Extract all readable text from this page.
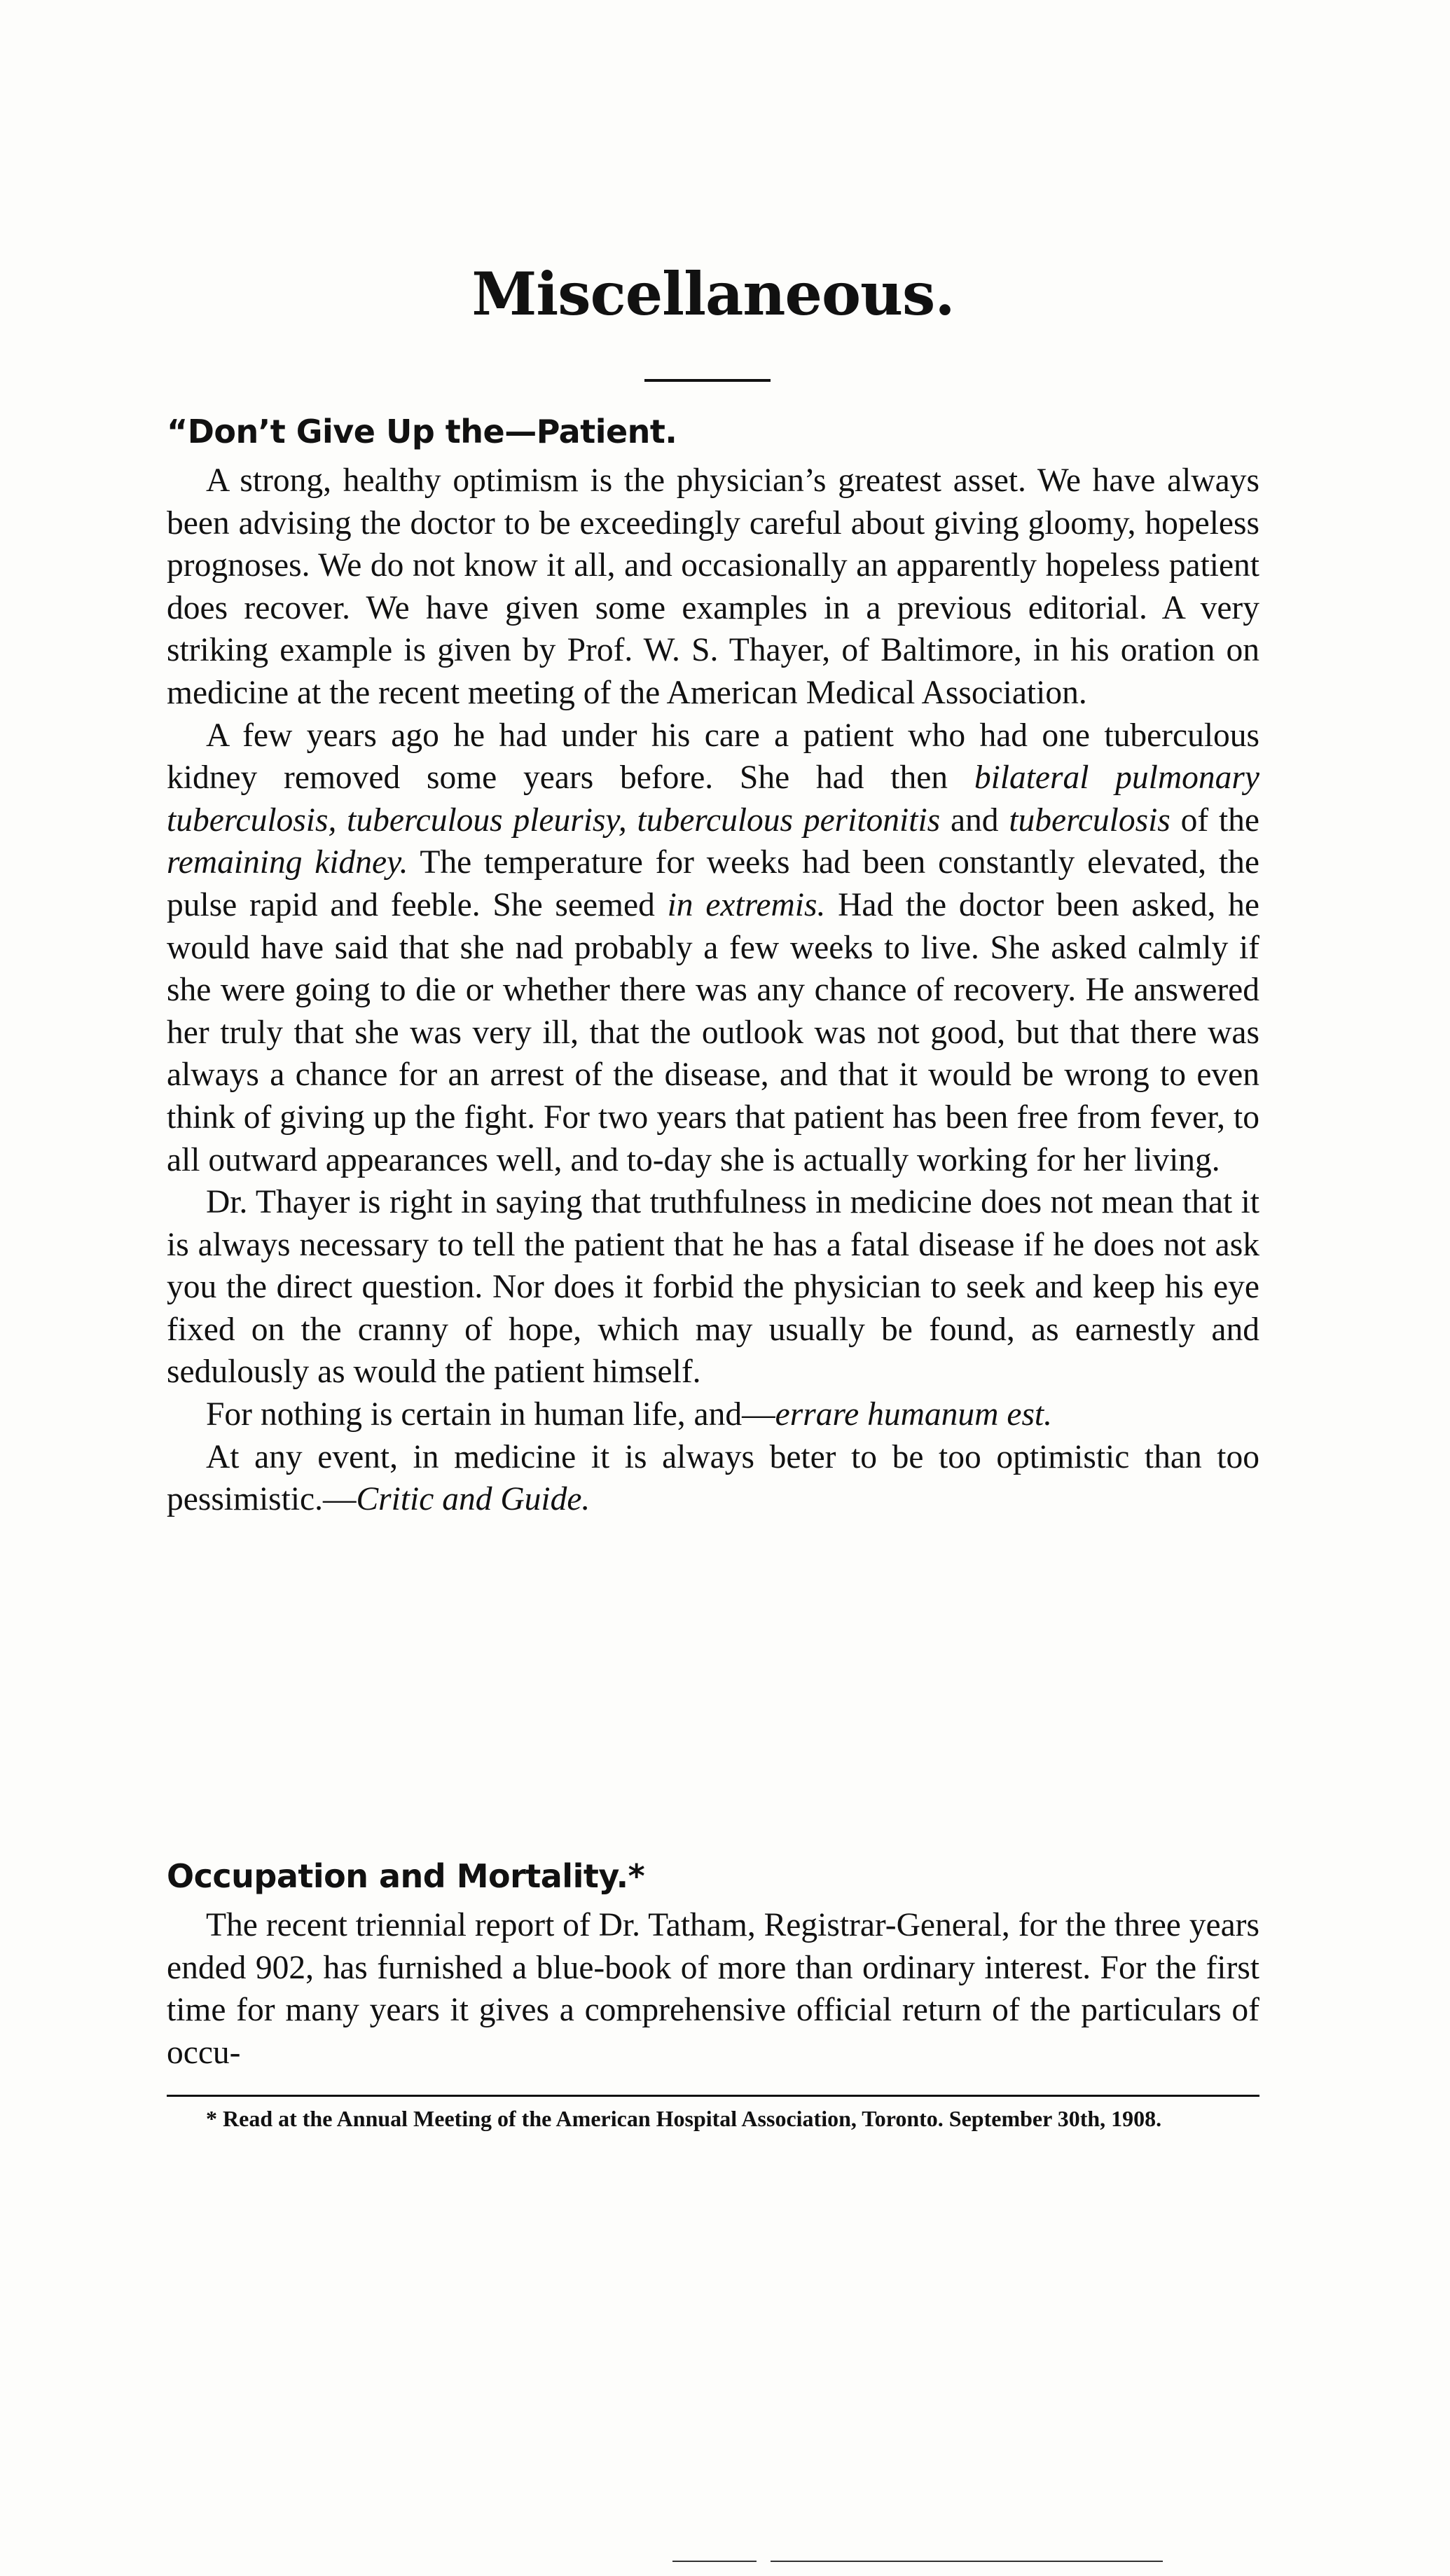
Miscellaneous.
“Don’t Give Up the—Patient.

A strong, healthy optimism is the physician’s greatest asset. We have always been advising the doctor to be exceedingly careful about giving gloomy, hopeless prognoses. We do not know it all, and occasionally an apparently hopeless patient does recover. We have given some examples in a previous editorial. A very striking example is given by Prof. W. S. Thayer, of Baltimore, in his oration on medicine at the recent meeting of the American Medical Association.

A few years ago he had under his care a patient who had one tuberculous kidney removed some years before. She had then bilateral pulmonary tuberculosis, tuberculous pleurisy, tuberculous peritonitis and tuberculosis of the remaining kidney. The temperature for weeks had been constantly elevated, the pulse rapid and feeble. She seemed in extremis. Had the doctor been asked, he would have said that she nad probably a few weeks to live. She asked calmly if she were going to die or whether there was any chance of recovery. He answered her truly that she was very ill, that the outlook was not good, but that there was always a chance for an arrest of the disease, and that it would be wrong to even think of giving up the fight. For two years that patient has been free from fever, to all outward appearances well, and to-day she is actually working for her living.

Dr. Thayer is right in saying that truthfulness in medicine does not mean that it is always necessary to tell the patient that he has a fatal disease if he does not ask you the direct question. Nor does it forbid the physician to seek and keep his eye fixed on the cranny of hope, which may usually be found, as earnestly and sedulously as would the patient himself.

For nothing is certain in human life, and—errare humanum est.

At any event, in medicine it is always beter to be too optimistic than too pessimistic.—Critic and Guide.

Occupation and Mortality.*

The recent triennial report of Dr. Tatham, Registrar-General, for the three years ended 902, has furnished a blue-book of more than ordinary interest. For the first time for many years it gives a comprehensive official return of the particulars of occu-

* Read at the Annual Meeting of the American Hospital Association, Toronto. September 30th, 1908.
